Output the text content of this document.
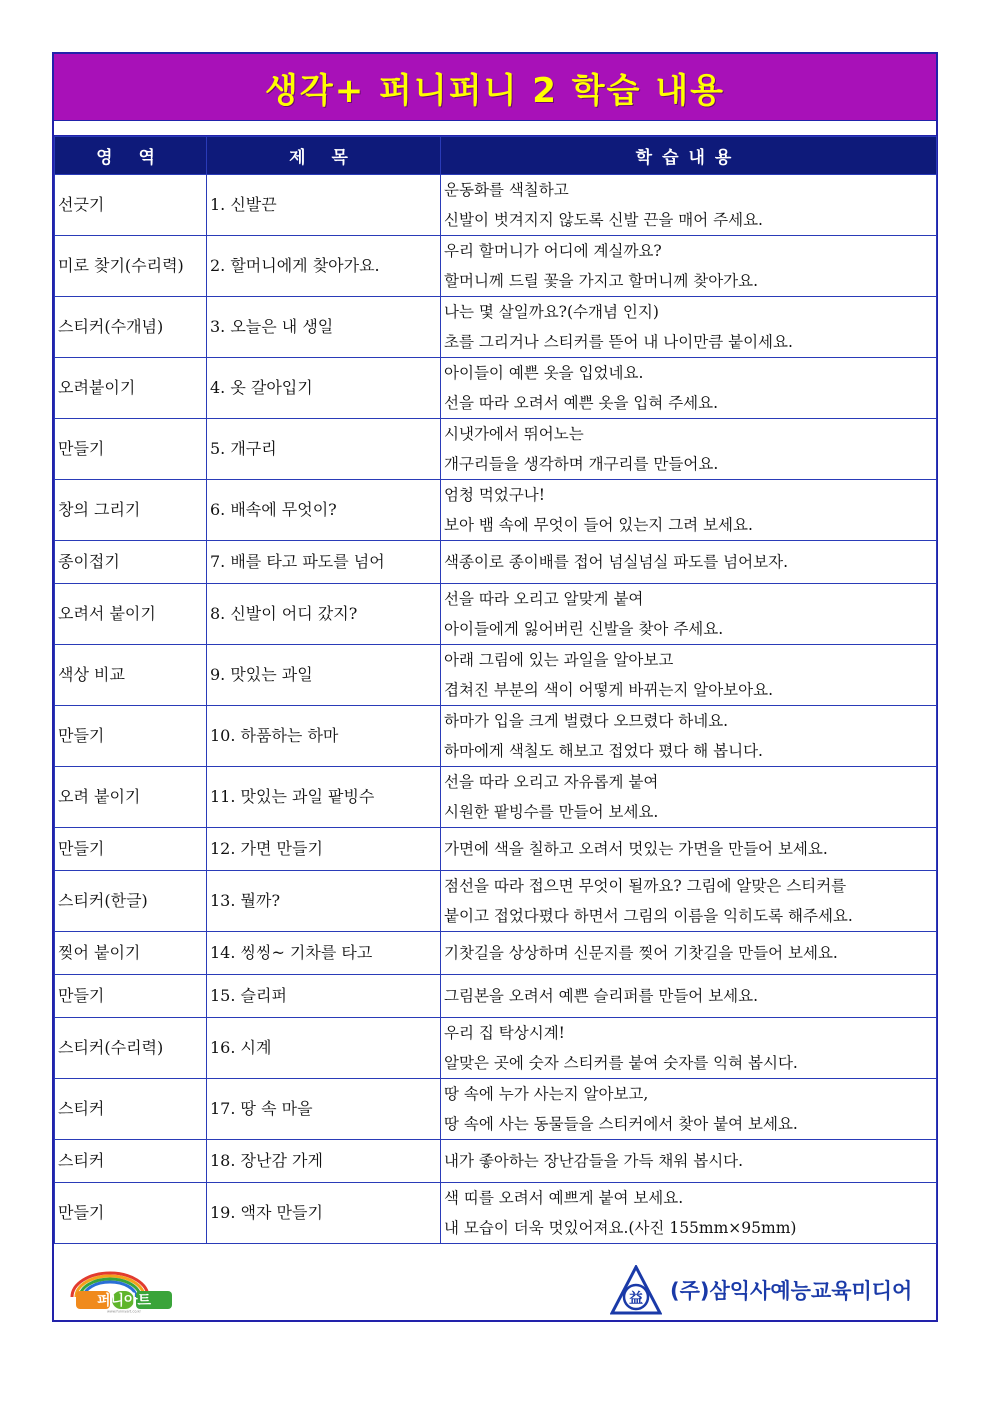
생각+ 퍼니퍼니 2 학습 내용
영 역	제 목	학습내용
선긋기	1. 신발끈	운동화를 색칠하고
신발이 벗겨지지 않도록 신발 끈을 매어 주세요.

미로 찾기(수리력)	2. 할머니에게 찾아가요.	우리 할머니가 어디에 계실까요?
할머니께 드릴 꽃을 가지고 할머니께 찾아가요.

스티커(수개념)	3. 오늘은 내 생일	나는 몇 살일까요?(수개념 인지)
초를 그리거나 스티커를 뜯어 내 나이만큼 붙이세요.

오려붙이기	4. 옷 갈아입기	아이들이 예쁜 옷을 입었네요.
선을 따라 오려서 예쁜 옷을 입혀 주세요.

만들기	5. 개구리	시냇가에서 뛰어노는
개구리들을 생각하며 개구리를 만들어요.

창의 그리기	6. 배속에 무엇이?	엄청 먹었구나!
보아 뱀 속에 무엇이 들어 있는지 그려 보세요.

종이접기	7. 배를 타고 파도를 넘어	색종이로 종이배를 접어 넘실넘실 파도를 넘어보자.

오려서 붙이기	8. 신발이 어디 갔지?	선을 따라 오리고 알맞게 붙여
아이들에게 잃어버린 신발을 찾아 주세요.

색상 비교	9. 맛있는 과일	아래 그림에 있는 과일을 알아보고
겹쳐진 부분의 색이 어떻게 바뀌는지 알아보아요.

만들기	10. 하품하는 하마	하마가 입을 크게 벌렸다 오므렸다 하네요.
하마에게 색칠도 해보고 접었다 폈다 해 봅니다.

오려 붙이기	11. 맛있는 과일 팥빙수	선을 따라 오리고 자유롭게 붙여
시원한 팥빙수를 만들어 보세요.

만들기	12. 가면 만들기	가면에 색을 칠하고 오려서 멋있는 가면을 만들어 보세요.

스티커(한글)	13. 뭘까?	점선을 따라 접으면 무엇이 될까요? 그림에 알맞은 스티커를
붙이고 접었다폈다 하면서 그림의 이름을 익히도록 해주세요.

찢어 붙이기	14. 씽씽~ 기차를 타고	기찻길을 상상하며 신문지를 찢어 기찻길을 만들어 보세요.

만들기	15. 슬리퍼	그림본을 오려서 예쁜 슬리퍼를 만들어 보세요.

스티커(수리력)	16. 시계	우리 집 탁상시계!
알맞은 곳에 숫자 스티커를 붙여 숫자를 익혀 봅시다.

스티커	17. 땅 속 마을	땅 속에 누가 사는지 알아보고,
땅 속에 사는 동물들을 스티커에서 찾아 붙여 보세요.

스티커	18. 장난감 가게	내가 좋아하는 장난감들을 가득 채워 봅시다.

만들기	19. 액자 만들기	색 띠를 오려서 예쁘게 붙여 보세요.
내 모습이 더욱 멋있어져요.(사진 155mm×95mm)
퍼니아트
www.funnyart.co.kr
益 (주)삼익사예능교육미디어
